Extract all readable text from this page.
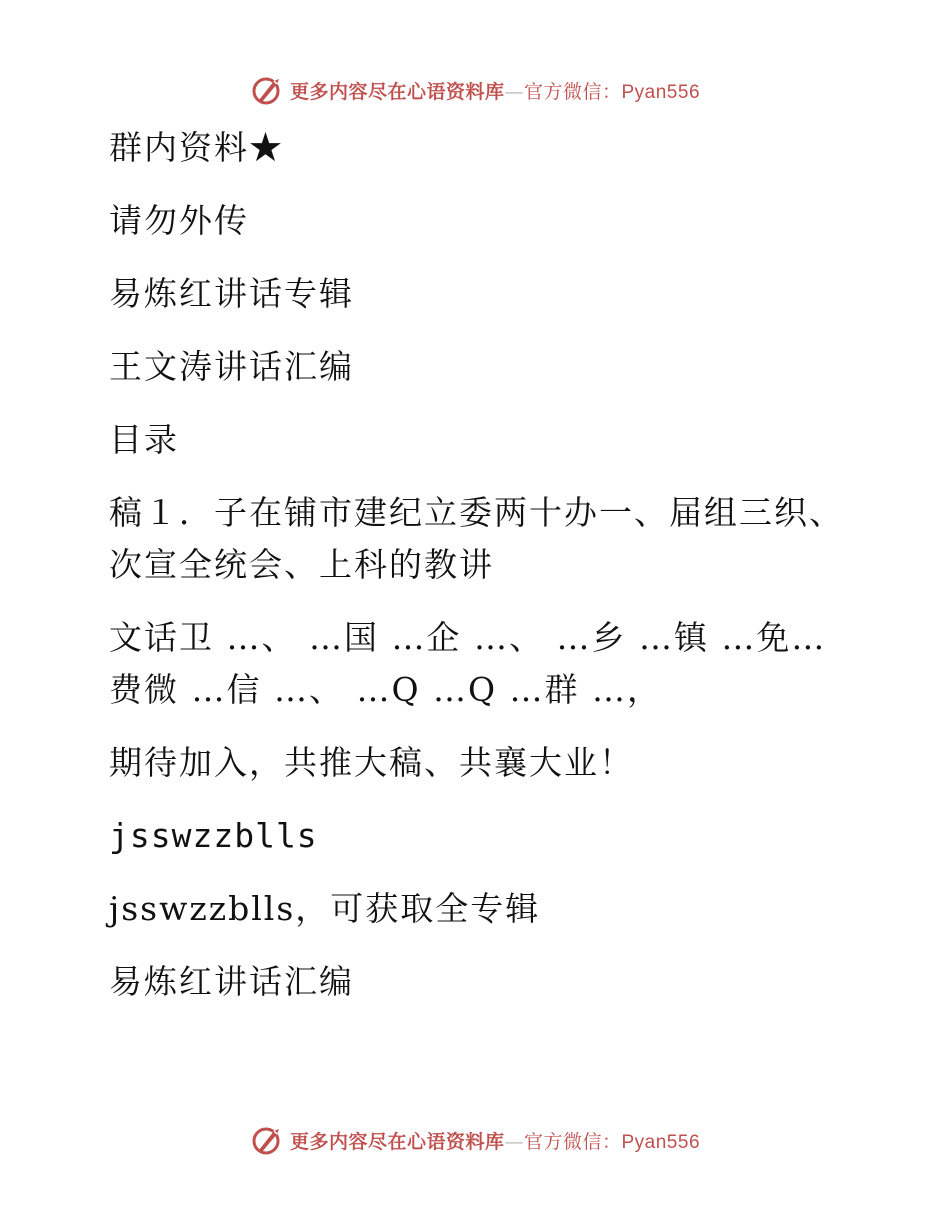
更多内容尽在心语资料库—官方微信：Pyan556

群内资料★

请勿外传

易炼红讲话专辑

王文涛讲话汇编

目录

稿１．子在铺市建纪立委两十办一、届组三织、次宣全统会、上科的教讲

文话卫 …、 …国 …企 …、 …乡 …镇 …免…费微 …信 …、 …Q …Q …群 …，

期待加入，共推大稿、共襄大业！

jsswzzblls

jsswzzblls，可获取全专辑

易炼红讲话汇编

更多内容尽在心语资料库—官方微信：Pyan556
